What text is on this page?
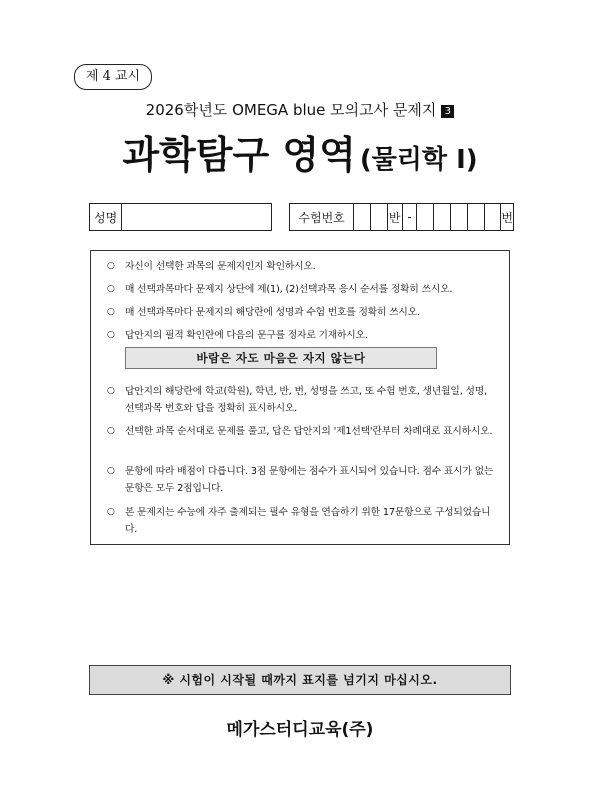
제 4 교시
2026학년도 OMEGA blue 모의고사 문제지 3
과학탐구 영역 (물리학 Ⅰ)
성명	수험번호	반 -	번
○	자신이 선택한 과목의 문제지인지 확인하시오.
○	매 선택과목마다 문제지 상단에 제(1), (2)선택과목 응시 순서를 정확히 쓰시오.
○	매 선택과목마다 문제지의 해당란에 성명과 수험 번호를 정확히 쓰시오.
○	답안지의 필적 확인란에 다음의 문구를 정자로 기재하시오.
바람은 자도 마음은 자지 않는다
○	답안지의 해당란에 학교(학원), 학년, 반, 번, 성명을 쓰고, 또 수험 번호, 생년월일, 성명, 선택과목 번호와 답을 정확히 표시하시오.
○	선택한 과목 순서대로 문제를 풀고, 답은 답안지의 '제1선택'란부터 차례대로 표시하시오.
○	문항에 따라 배점이 다릅니다. 3점 문항에는 점수가 표시되어 있습니다. 점수 표시가 없는 문항은 모두 2점입니다.
○	본 문제지는 수능에 자주 출제되는 필수 유형을 연습하기 위한 17문항으로 구성되었습니다.
※ 시험이 시작될 때까지 표지를 넘기지 마십시오.
메가스터디교육(주)
